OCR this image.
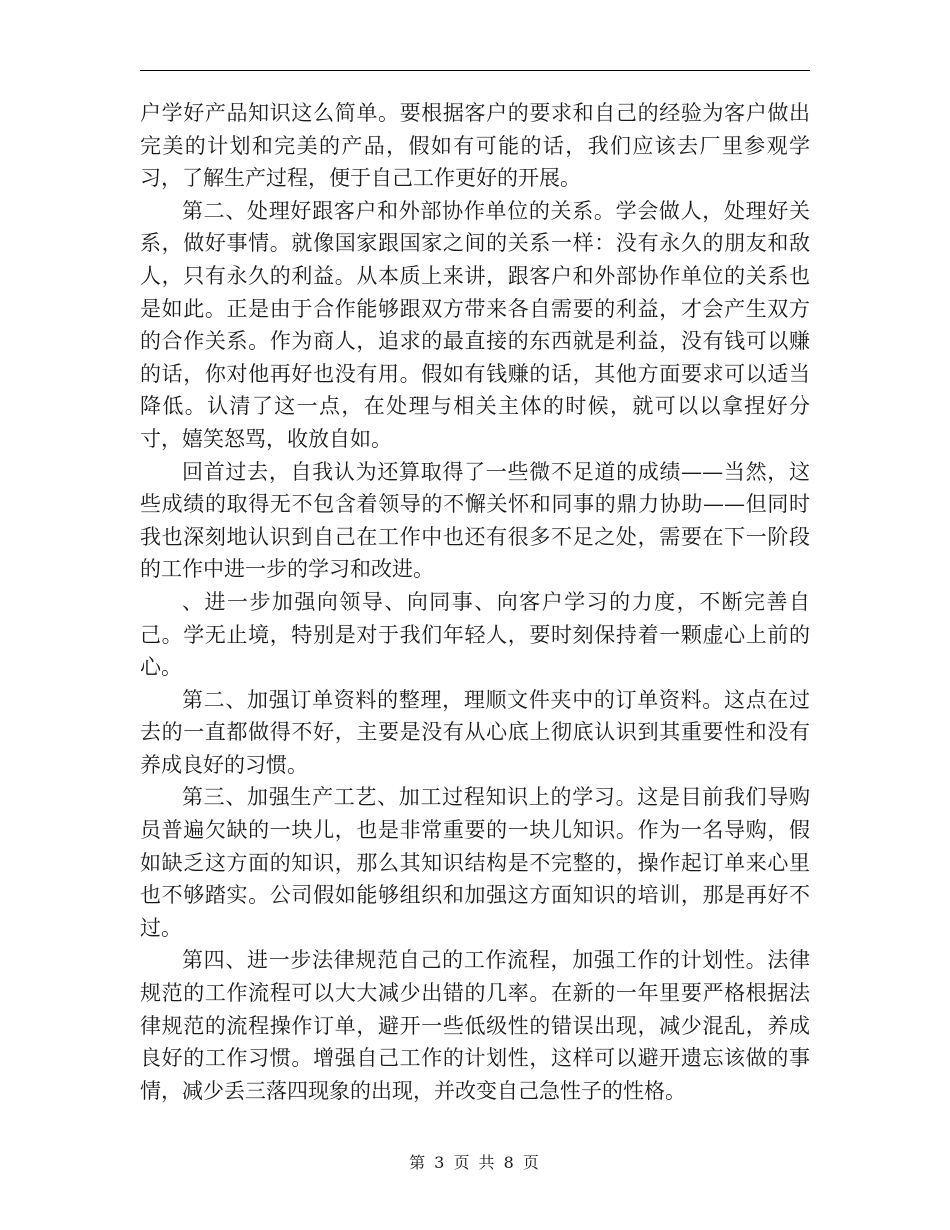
户学好产品知识这么简单。要根据客户的要求和自己的经验为客户做出完美的计划和完美的产品，假如有可能的话，我们应该去厂里参观学习，了解生产过程，便于自己工作更好的开展。

第二、处理好跟客户和外部协作单位的关系。学会做人，处理好关系，做好事情。就像国家跟国家之间的关系一样：没有永久的朋友和敌人，只有永久的利益。从本质上来讲，跟客户和外部协作单位的关系也是如此。正是由于合作能够跟双方带来各自需要的利益，才会产生双方的合作关系。作为商人，追求的最直接的东西就是利益，没有钱可以赚的话，你对他再好也没有用。假如有钱赚的话，其他方面要求可以适当降低。认清了这一点，在处理与相关主体的时候，就可以以拿捏好分寸，嬉笑怒骂，收放自如。

回首过去，自我认为还算取得了一些微不足道的成绩——当然，这些成绩的取得无不包含着领导的不懈关怀和同事的鼎力协助——但同时我也深刻地认识到自己在工作中也还有很多不足之处，需要在下一阶段的工作中进一步的学习和改进。

、进一步加强向领导、向同事、向客户学习的力度，不断完善自己。学无止境，特别是对于我们年轻人，要时刻保持着一颗虚心上前的心。

第二、加强订单资料的整理，理顺文件夹中的订单资料。这点在过去的一直都做得不好，主要是没有从心底上彻底认识到其重要性和没有养成良好的习惯。

第三、加强生产工艺、加工过程知识上的学习。这是目前我们导购员普遍欠缺的一块儿，也是非常重要的一块儿知识。作为一名导购，假如缺乏这方面的知识，那么其知识结构是不完整的，操作起订单来心里也不够踏实。公司假如能够组织和加强这方面知识的培训，那是再好不过。

第四、进一步法律规范自己的工作流程，加强工作的计划性。法律规范的工作流程可以大大减少出错的几率。在新的一年里要严格根据法律规范的流程操作订单，避开一些低级性的错误出现，减少混乱，养成良好的工作习惯。增强自己工作的计划性，这样可以避开遗忘该做的事情，减少丢三落四现象的出现，并改变自己急性子的性格。

第 3 页 共 8 页
